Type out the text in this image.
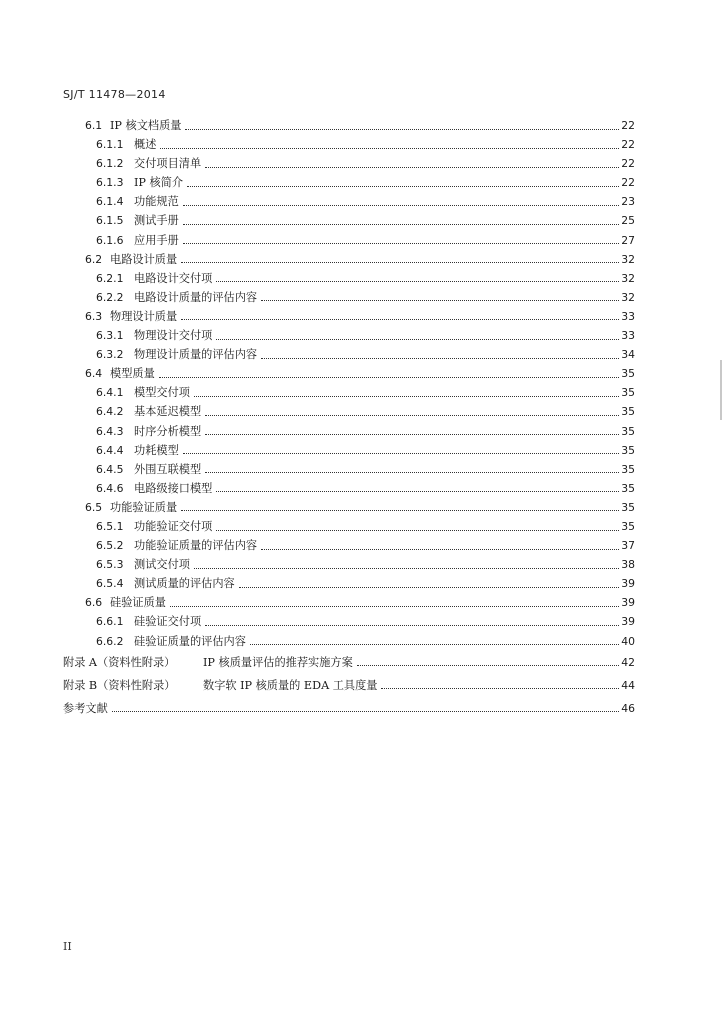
SJ/T 11478—2014
6.1 IP 核文档质量	22
6.1.1 概述	22
6.1.2 交付项目清单	22
6.1.3 IP 核简介	22
6.1.4 功能规范	23
6.1.5 测试手册	25
6.1.6 应用手册	27
6.2 电路设计质量	32
6.2.1 电路设计交付项	32
6.2.2 电路设计质量的评估内容	32
6.3 物理设计质量	33
6.3.1 物理设计交付项	33
6.3.2 物理设计质量的评估内容	34
6.4 模型质量	35
6.4.1 模型交付项	35
6.4.2 基本延迟模型	35
6.4.3 时序分析模型	35
6.4.4 功耗模型	35
6.4.5 外围互联模型	35
6.4.6 电路级接口模型	35
6.5 功能验证质量	35
6.5.1 功能验证交付项	35
6.5.2 功能验证质量的评估内容	37
6.5.3 测试交付项	38
6.5.4 测试质量的评估内容	39
6.6 硅验证质量	39
6.6.1 硅验证交付项	39
6.6.2 硅验证质量的评估内容	40
附录 A（资料性附录）	IP 核质量评估的推荐实施方案	42
附录 B（资料性附录）	数字软 IP 核质量的 EDA 工具度量	44
参考文献	46
II
